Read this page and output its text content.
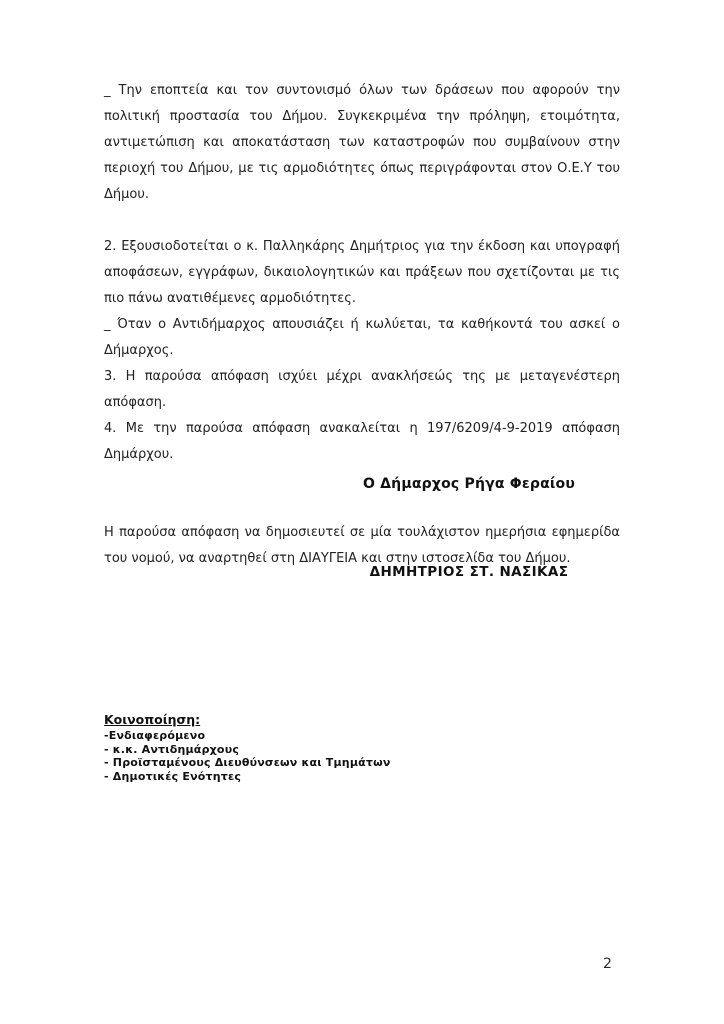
_ Την εποπτεία και τον συντονισμό όλων των δράσεων που αφορούν την πολιτική προστασία του Δήμου. Συγκεκριμένα την πρόληψη, ετοιμότητα, αντιμετώπιση και αποκατάσταση των καταστροφών που συμβαίνουν στην περιοχή του Δήμου, με τις αρμοδιότητες όπως περιγράφονται στον Ο.Ε.Υ του Δήμου.

2. Εξουσιοδοτείται ο κ. Παλληκάρης Δημήτριος για την έκδοση και υπογραφή αποφάσεων, εγγράφων, δικαιολογητικών και πράξεων που σχετίζονται με τις πιο πάνω ανατιθέμενες αρμοδιότητες.

_ Όταν ο Αντιδήμαρχος απουσιάζει ή κωλύεται, τα καθήκοντά του ασκεί ο Δήμαρχος.

3. Η παρούσα απόφαση ισχύει μέχρι ανακλήσεώς της με μεταγενέστερη απόφαση.

4. Με την παρούσα απόφαση ανακαλείται η 197/6209/4-9-2019 απόφαση Δημάρχου.

Η παρούσα απόφαση να δημοσιευτεί σε μία τουλάχιστον ημερήσια εφημερίδα του νομού, να αναρτηθεί στη ΔΙΑΥΓΕΙΑ και στην ιστοσελίδα του Δήμου.

Ο Δήμαρχος Ρήγα Φεραίου
ΔΗΜΗΤΡΙΟΣ ΣΤ. ΝΑΣΙΚΑΣ
Κοινοποίηση:
-Ενδιαφερόμενο
- κ.κ. Αντιδημάρχους
- Προϊσταμένους Διευθύνσεων και Τμημάτων
- Δημοτικές Ενότητες
2
